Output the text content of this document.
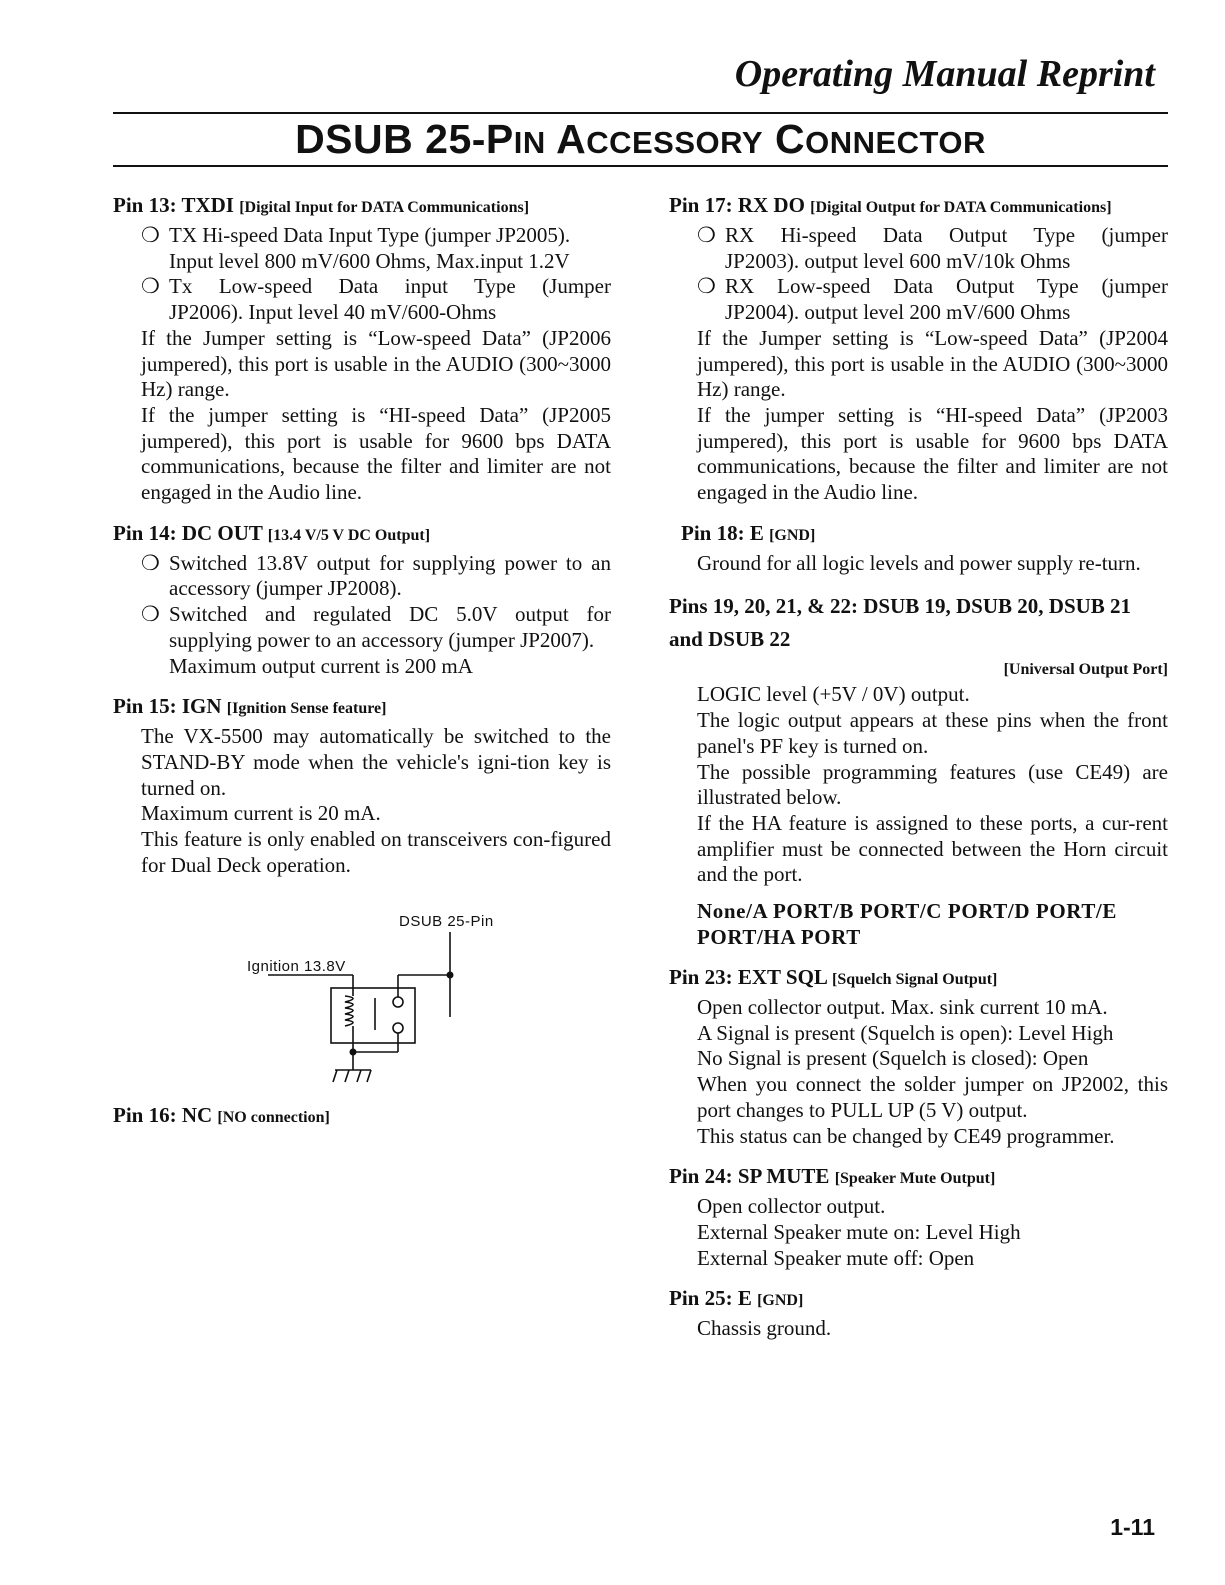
Operating Manual Reprint
DSUB 25-PIN ACCESSORY CONNECTOR
Pin 13: TXDI [Digital Input for DATA Communications]
❍ TX Hi-speed Data Input Type (jumper JP2005).
Input level 800 mV/600 Ohms, Max.input 1.2V
❍ Tx Low-speed Data input Type (Jumper
JP2006). Input level 40 mV/600-Ohms
If the Jumper setting is “Low-speed Data” (JP2006 jumpered), this port is usable in the AUDIO (300~3000 Hz) range.
If the jumper setting is “HI-speed Data” (JP2005 jumpered), this port is usable for 9600 bps DATA communications, because the filter and limiter are not engaged in the Audio line.
Pin 14: DC OUT [13.4 V/5 V DC Output]
❍ Switched 13.8V output for supplying power to an accessory (jumper JP2008).
❍ Switched and regulated DC 5.0V output for supplying power to an accessory (jumper JP2007).
Maximum output current is 200 mA
Pin 15: IGN [Ignition Sense feature]
The VX-5500 may automatically be switched to the STAND-BY mode when the vehicle's igni-tion key is turned on.
Maximum current is 20 mA.
This feature is only enabled on transceivers con-figured for Dual Deck operation.
DSUB 25-Pin
Ignition 13.8V
Pin 16: NC [NO connection]
Pin 17: RX DO [Digital Output for DATA Communications]
❍ RX Hi-speed Data Output Type (jumper
JP2003). output level 600 mV/10k Ohms
❍ RX Low-speed Data Output Type (jumper
JP2004). output level 200 mV/600 Ohms
If the Jumper setting is “Low-speed Data” (JP2004 jumpered), this port is usable in the AUDIO (300~3000 Hz) range.
If the jumper setting is “HI-speed Data” (JP2003 jumpered), this port is usable for 9600 bps DATA communications, because the filter and limiter are not engaged in the Audio line.
Pin 18: E [GND]
Ground for all logic levels and power supply re-turn.
Pins 19, 20, 21, & 22: DSUB 19, DSUB 20, DSUB 21 and DSUB 22
[Universal Output Port]
LOGIC level (+5V / 0V) output.
The logic output appears at these pins when the front panel's PF key is turned on.
The possible programming features (use CE49) are illustrated below.
If the HA feature is assigned to these ports, a cur-rent amplifier must be connected between the Horn circuit and the port.
None/A PORT/B PORT/C PORT/D PORT/E PORT/HA PORT
Pin 23: EXT SQL [Squelch Signal Output]
Open collector output. Max. sink current 10 mA.
A Signal is present (Squelch is open): Level High
No Signal is present (Squelch is closed): Open
When you connect the solder jumper on JP2002, this port changes to PULL UP (5 V) output.
This status can be changed by CE49 programmer.
Pin 24: SP MUTE [Speaker Mute Output]
Open collector output.
External Speaker mute on: Level High
External Speaker mute off: Open
Pin 25: E [GND]
Chassis ground.
1-11
